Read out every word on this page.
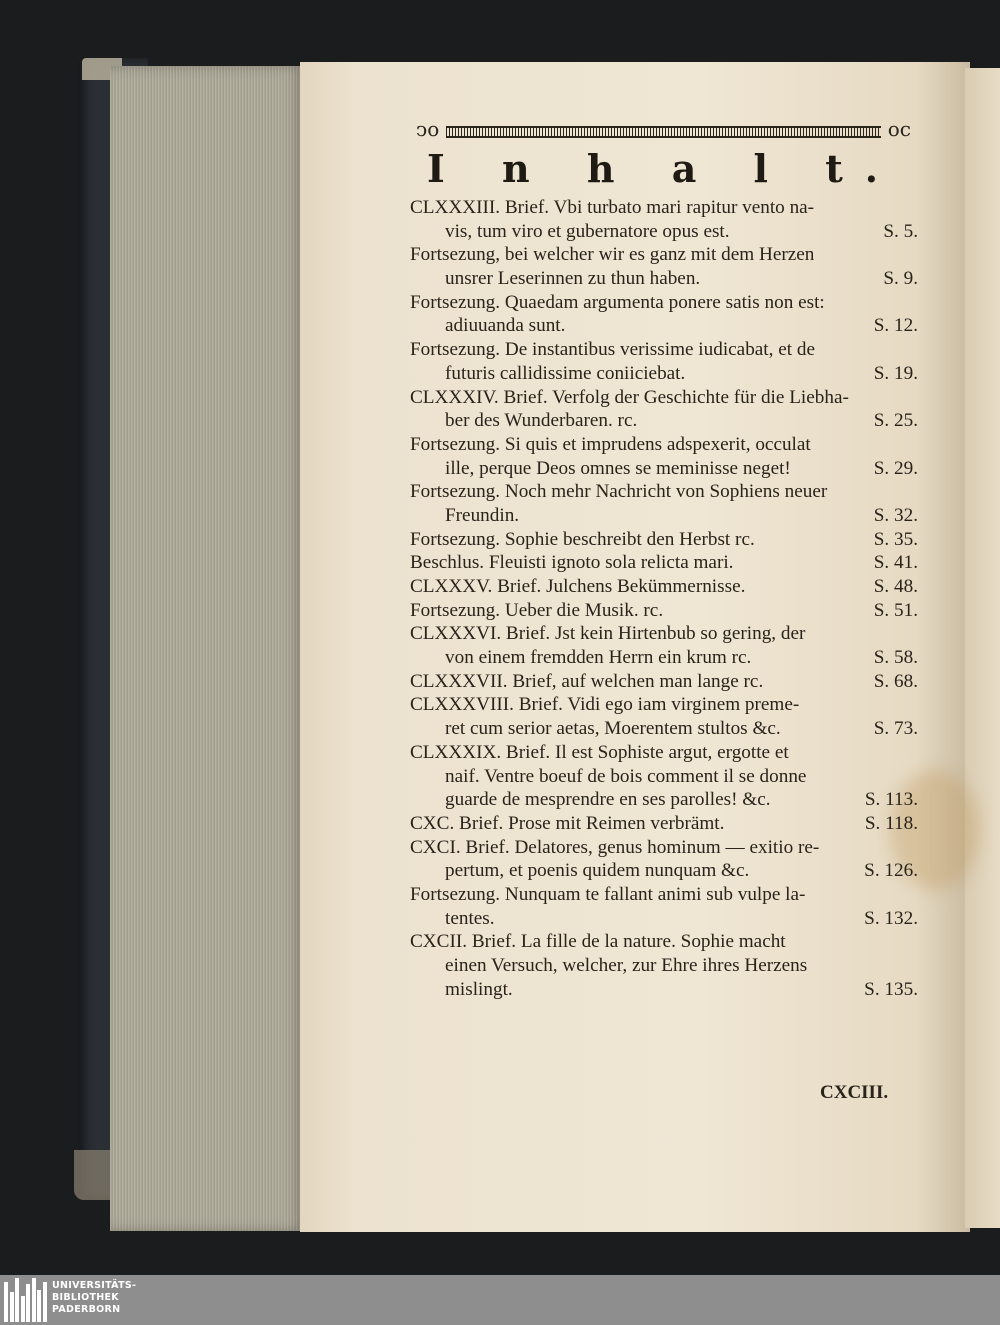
ↄo	oc
I n h a l t.
CLXXXIII. Brief. Vbi turbato mari rapitur vento na-
vis, tum viro et gubernatore opus est.	S. 5.
Fortsezung, bei welcher wir es ganz mit dem Herzen
unsrer Leserinnen zu thun haben.	S. 9.
Fortsezung. Quaedam argumenta ponere satis non est:
adiuuanda sunt.	S. 12.
Fortsezung. De instantibus verissime iudicabat, et de
futuris callidissime coniiciebat.	S. 19.
CLXXXIV. Brief. Verfolg der Geschichte für die Liebha-
ber des Wunderbaren. rc.	S. 25.
Fortsezung. Si quis et imprudens adspexerit, occulat
ille, perque Deos omnes se meminisse neget!	S. 29.
Fortsezung. Noch mehr Nachricht von Sophiens neuer
Freundin.	S. 32.
Fortsezung. Sophie beschreibt den Herbst rc.	S. 35.
Beschlus. Fleuisti ignoto sola relicta mari.	S. 41.
CLXXXV. Brief. Julchens Bekümmernisse.	S. 48.
Fortsezung. Ueber die Musik. rc.	S. 51.
CLXXXVI. Brief. Jst kein Hirtenbub so gering, der
von einem fremdden Herrn ein krum rc.	S. 58.
CLXXXVII. Brief, auf welchen man lange rc.	S. 68.
CLXXXVIII. Brief. Vidi ego iam virginem preme-
ret cum serior aetas, Moerentem stultos &c.	S. 73.
CLXXXIX. Brief. Il est Sophiste argut, ergotte et
naif. Ventre boeuf de bois comment il se donne
guarde de mesprendre en ses parolles! &c.	S. 113.
CXC. Brief. Prose mit Reimen verbrämt.	S. 118.
CXCI. Brief. Delatores, genus hominum — exitio re-
pertum, et poenis quidem nunquam &c.	S. 126.
Fortsezung. Nunquam te fallant animi sub vulpe la-
tentes.	S. 132.
CXCII. Brief. La fille de la nature. Sophie macht
einen Versuch, welcher, zur Ehre ihres Herzens
mislingt.	S. 135.
CXCIII.
UNIVERSITÄTS-
BIBLIOTHEK
PADERBORN
